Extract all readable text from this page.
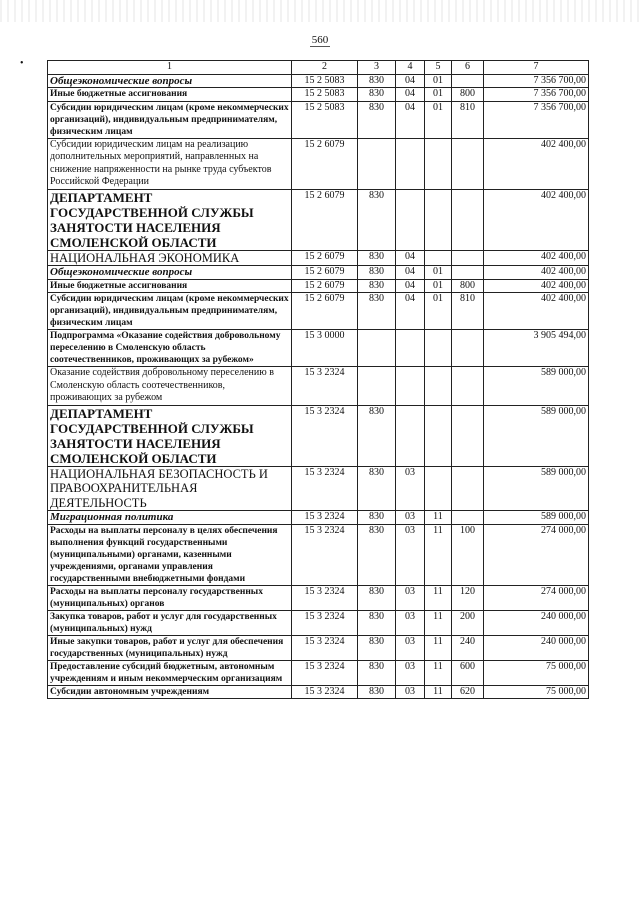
560
•	1	2	3	4	5	6	7
Общеэкономические вопросы	15 2 5083	830	04	01		7 356 700,00
Иные бюджетные ассигнования	15 2 5083	830	04	01	800	7 356 700,00
Субсидии юридическим лицам (кроме некоммерческих организаций), индивидуальным предпринимателям, физическим лицам	15 2 5083	830	04	01	810	7 356 700,00
Субсидии юридическим лицам на реализацию дополнительных мероприятий, направленных на снижение напряженности на рынке труда субъектов Российской Федерации	15 2 6079					402 400,00
ДЕПАРТАМЕНТ ГОСУДАРСТВЕННОЙ СЛУЖБЫ ЗАНЯТОСТИ НАСЕЛЕНИЯ СМОЛЕНСКОЙ ОБЛАСТИ	15 2 6079	830				402 400,00
НАЦИОНАЛЬНАЯ ЭКОНОМИКА	15 2 6079	830	04			402 400,00
Общеэкономические вопросы	15 2 6079	830	04	01		402 400,00
Иные бюджетные ассигнования	15 2 6079	830	04	01	800	402 400,00
Субсидии юридическим лицам (кроме некоммерческих организаций), индивидуальным предпринимателям, физическим лицам	15 2 6079	830	04	01	810	402 400,00
Подпрограмма «Оказание содействия добровольному переселению в Смоленскую область соотечественников, проживающих за рубежом»	15 3 0000					3 905 494,00
Оказание содействия добровольному переселению в Смоленскую область соотечественников, проживающих за рубежом	15 3 2324					589 000,00
ДЕПАРТАМЕНТ ГОСУДАРСТВЕННОЙ СЛУЖБЫ ЗАНЯТОСТИ НАСЕЛЕНИЯ СМОЛЕНСКОЙ ОБЛАСТИ	15 3 2324	830				589 000,00
НАЦИОНАЛЬНАЯ БЕЗОПАСНОСТЬ И ПРАВООХРАНИТЕЛЬНАЯ ДЕЯТЕЛЬНОСТЬ	15 3 2324	830	03			589 000,00
Миграционная политика	15 3 2324	830	03	11		589 000,00
Расходы на выплаты персоналу в целях обеспечения выполнения функций государственными (муниципальными) органами, казенными учреждениями, органами управления государственными внебюджетными фондами	15 3 2324	830	03	11	100	274 000,00
Расходы на выплаты персоналу государственных (муниципальных) органов	15 3 2324	830	03	11	120	274 000,00
Закупка товаров, работ и услуг для государственных (муниципальных) нужд	15 3 2324	830	03	11	200	240 000,00
Иные закупки товаров, работ и услуг для обеспечения государственных (муниципальных) нужд	15 3 2324	830	03	11	240	240 000,00
Предоставление субсидий бюджетным, автономным учреждениям и иным некоммерческим организациям	15 3 2324	830	03	11	600	75 000,00
Субсидии автономным учреждениям	15 3 2324	830	03	11	620	75 000,00
